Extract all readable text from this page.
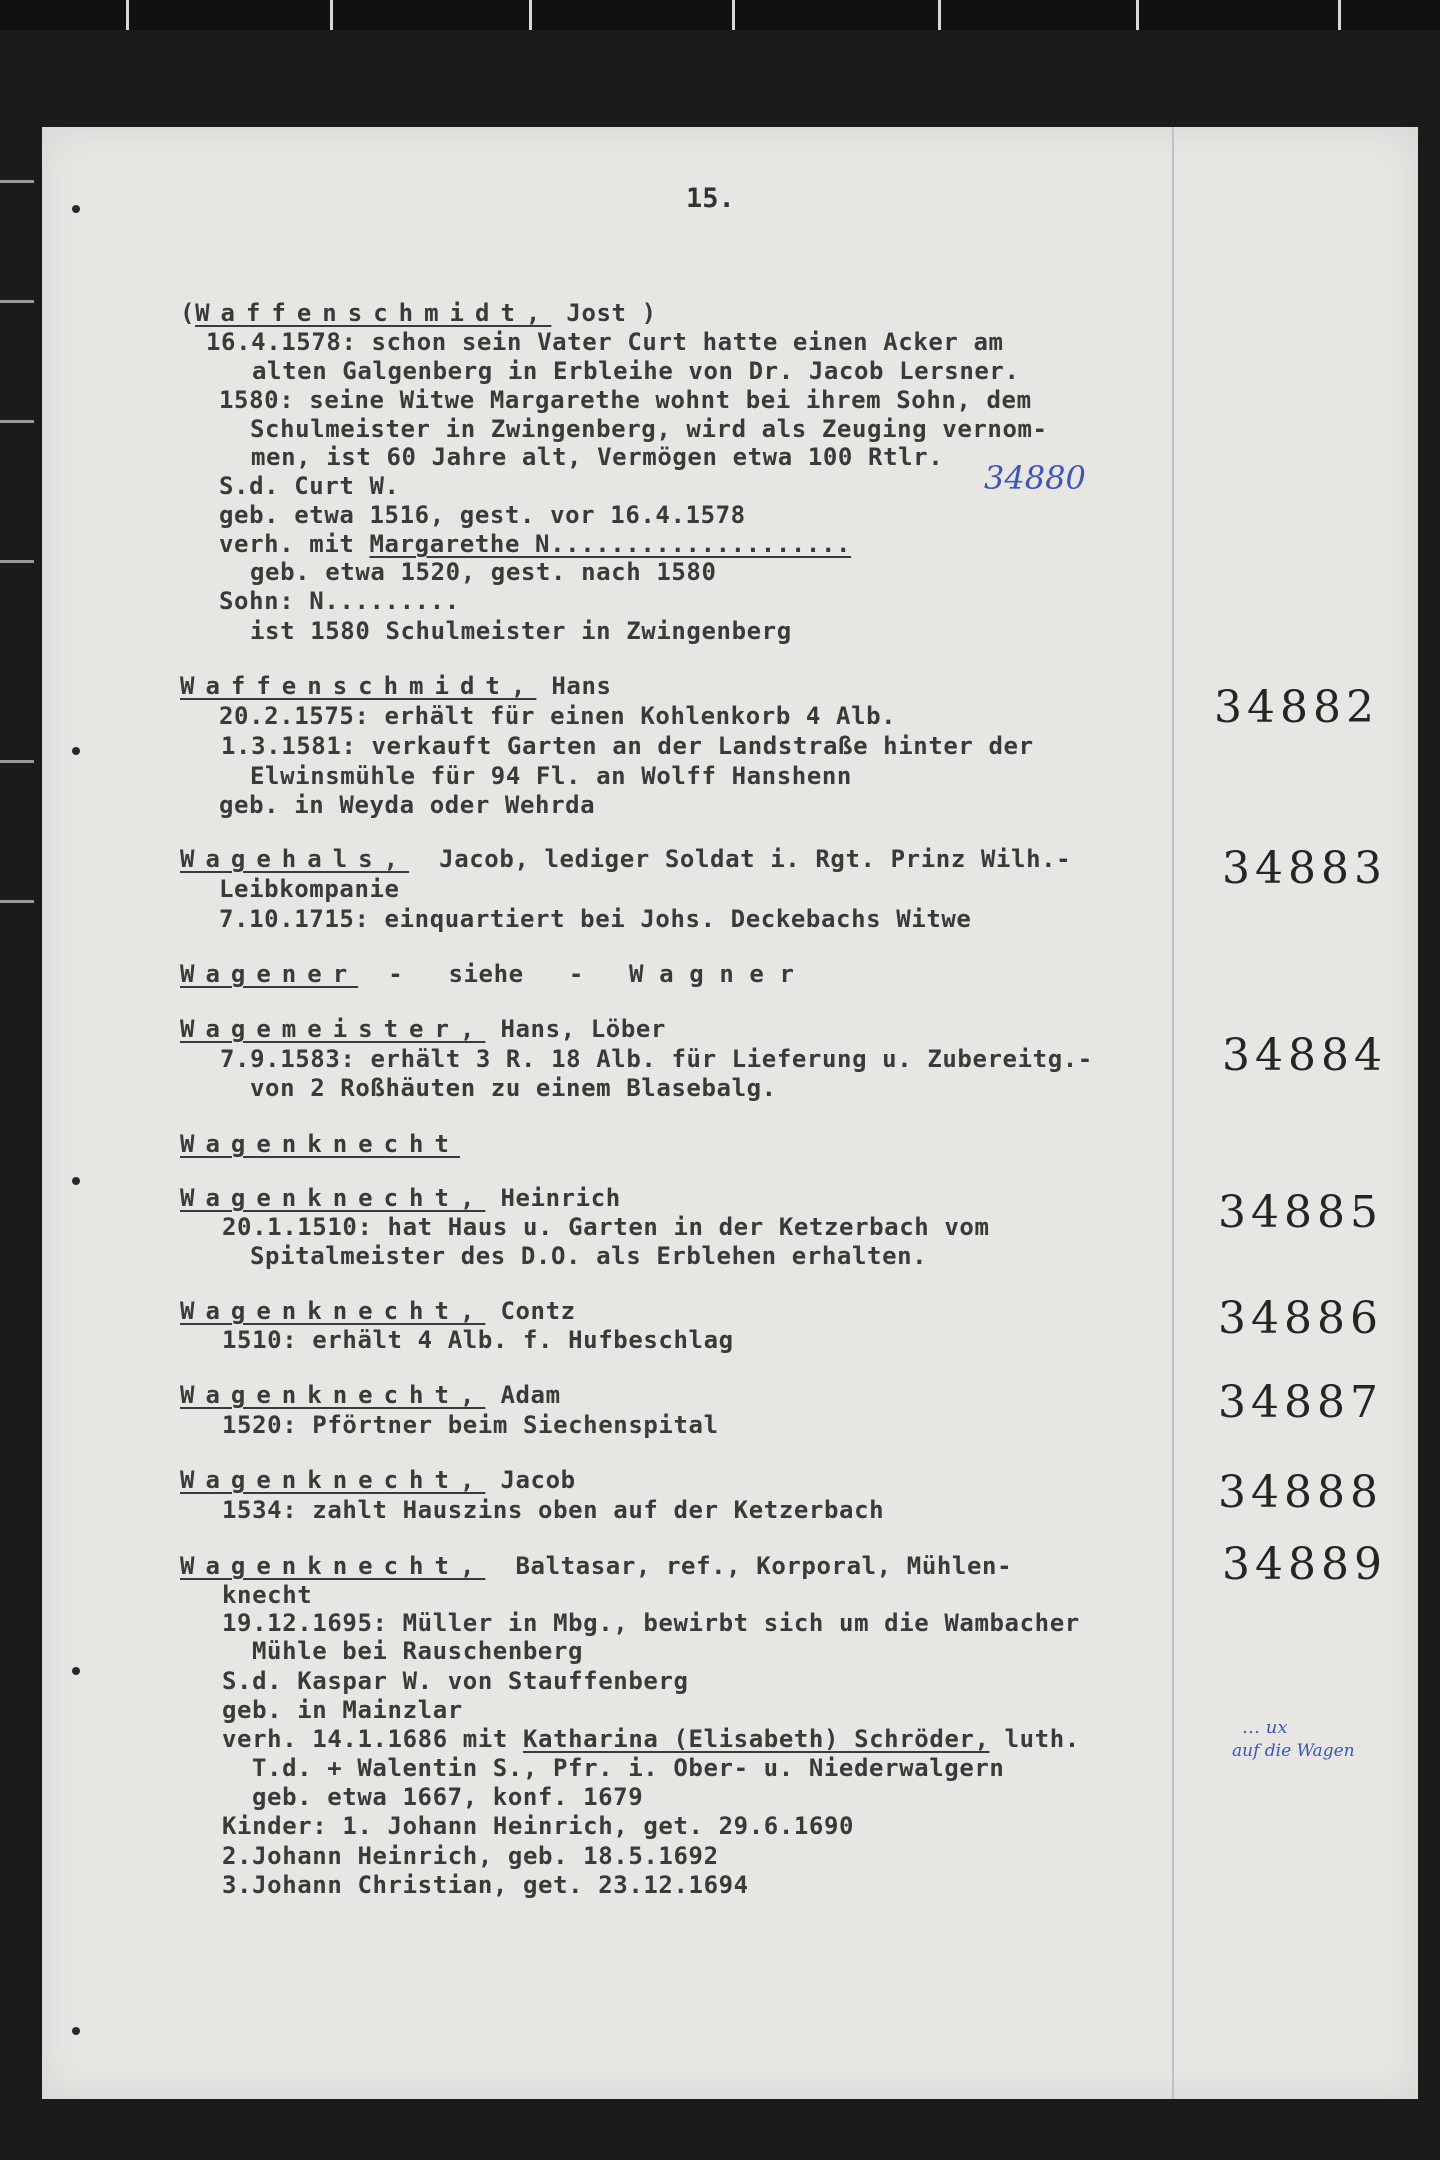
15.
(Waffenschmidt, Jost )
16.4.1578: schon sein Vater Curt hatte einen Acker am
alten Galgenberg in Erbleihe von Dr. Jacob Lersner.
1580: seine Witwe Margarethe wohnt bei ihrem Sohn, dem
Schulmeister in Zwingenberg, wird als Zeuging vernom-
men, ist 60 Jahre alt, Vermögen etwa 100 Rtlr.
S.d. Curt W.
geb. etwa 1516, gest. vor 16.4.1578
verh. mit Margarethe N....................
geb. etwa 1520, gest. nach 1580
Sohn: N.........
ist 1580 Schulmeister in Zwingenberg
Waffenschmidt, Hans
20.2.1575: erhält für einen Kohlenkorb 4 Alb.
1.3.1581: verkauft Garten an der Landstraße hinter der
Elwinsmühle für 94 Fl. an Wolff Hanshenn
geb. in Weyda oder Wehrda
Wagehals,  Jacob, lediger Soldat i. Rgt. Prinz Wilh.-
Leibkompanie
7.10.1715: einquartiert bei Johs. Deckebachs Witwe
Wagener  -   siehe   -   W a g n e r
Wagemeister, Hans, Löber
7.9.1583: erhält 3 R. 18 Alb. für Lieferung u. Zubereitg.-
von 2 Roßhäuten zu einem Blasebalg.
Wagenknecht
Wagenknecht, Heinrich
20.1.1510: hat Haus u. Garten in der Ketzerbach vom
Spitalmeister des D.O. als Erblehen erhalten.
Wagenknecht, Contz
1510: erhält 4 Alb. f. Hufbeschlag
Wagenknecht, Adam
1520: Pförtner beim Siechenspital
Wagenknecht, Jacob
1534: zahlt Hauszins oben auf der Ketzerbach
Wagenknecht,  Baltasar, ref., Korporal, Mühlen-
knecht
19.12.1695: Müller in Mbg., bewirbt sich um die Wambacher
Mühle bei Rauschenberg
S.d. Kaspar W. von Stauffenberg
geb. in Mainzlar
verh. 14.1.1686 mit Katharina (Elisabeth) Schröder, luth.
T.d. + Walentin S., Pfr. i. Ober- u. Niederwalgern
geb. etwa 1667, konf. 1679
Kinder: 1. Johann Heinrich, get. 29.6.1690
2.Johann Heinrich, geb. 18.5.1692
3.Johann Christian, get. 23.12.1694
34882
34883
34884
34885
34886
34887
34888
34889
34880
… ux
auf die Wagen
